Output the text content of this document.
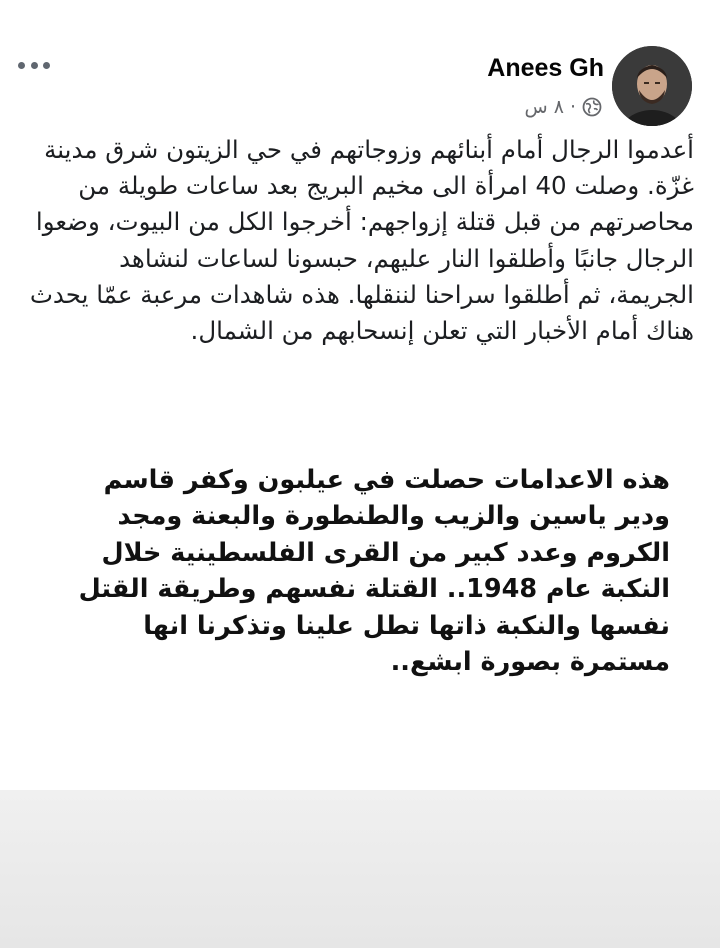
Anees Gh
٨ س ·

أعدموا الرجال أمام أبنائهم وزوجاتهم في حي الزيتون شرق مدينة غزّة. وصلت 40 امرأة الى مخيم البريج بعد ساعات طويلة من محاصرتهم من قبل قتلة إزواجهم: أخرجوا الكل من البيوت، وضعوا الرجال جانبًا وأطلقوا النار عليهم، حبسونا لساعات لنشاهد الجريمة، ثم أطلقوا سراحنا لننقلها. هذه شاهدات مرعبة عمّا يحدث هناك أمام الأخبار التي تعلن إنسحابهم من الشمال.

هذه الاعدامات حصلت في عيلبون وكفر قاسم ودير ياسين والزيب والطنطورة والبعنة ومجد الكروم وعدد كبير من القرى الفلسطينية خلال النكبة عام 1948.. القتلة نفسهم وطريقة القتل نفسها والنكبة ذاتها تطل علينا وتذكرنا انها مستمرة بصورة ابشع..
